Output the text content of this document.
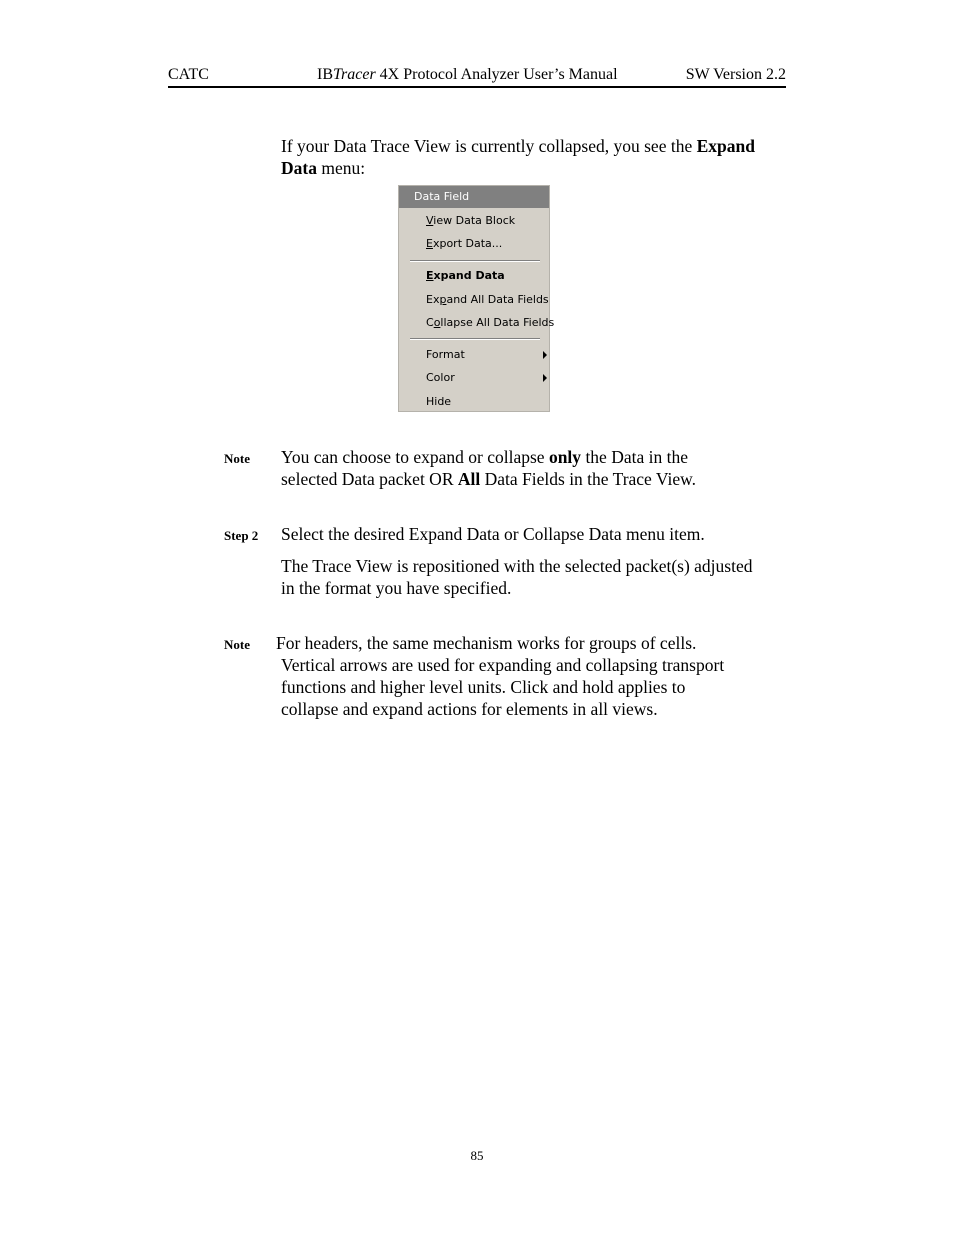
CATC	IBTracer 4X Protocol Analyzer User’s Manual	SW Version 2.2
If your Data Trace View is currently collapsed, you see the Expand
Data menu:
Data Field
View Data Block
Export Data...
Expand Data
Expand All Data Fields
Collapse All Data Fields
Format
Color
Hide
Note You can choose to expand or collapse only the Data in the
selected Data packet OR All Data Fields in the Trace View.
Step 2 Select the desired Expand Data or Collapse Data menu item.
The Trace View is repositioned with the selected packet(s) adjusted
in the format you have specified.
Note For headers, the same mechanism works for groups of cells.
Vertical arrows are used for expanding and collapsing transport
functions and higher level units. Click and hold applies to
collapse and expand actions for elements in all views.
85
